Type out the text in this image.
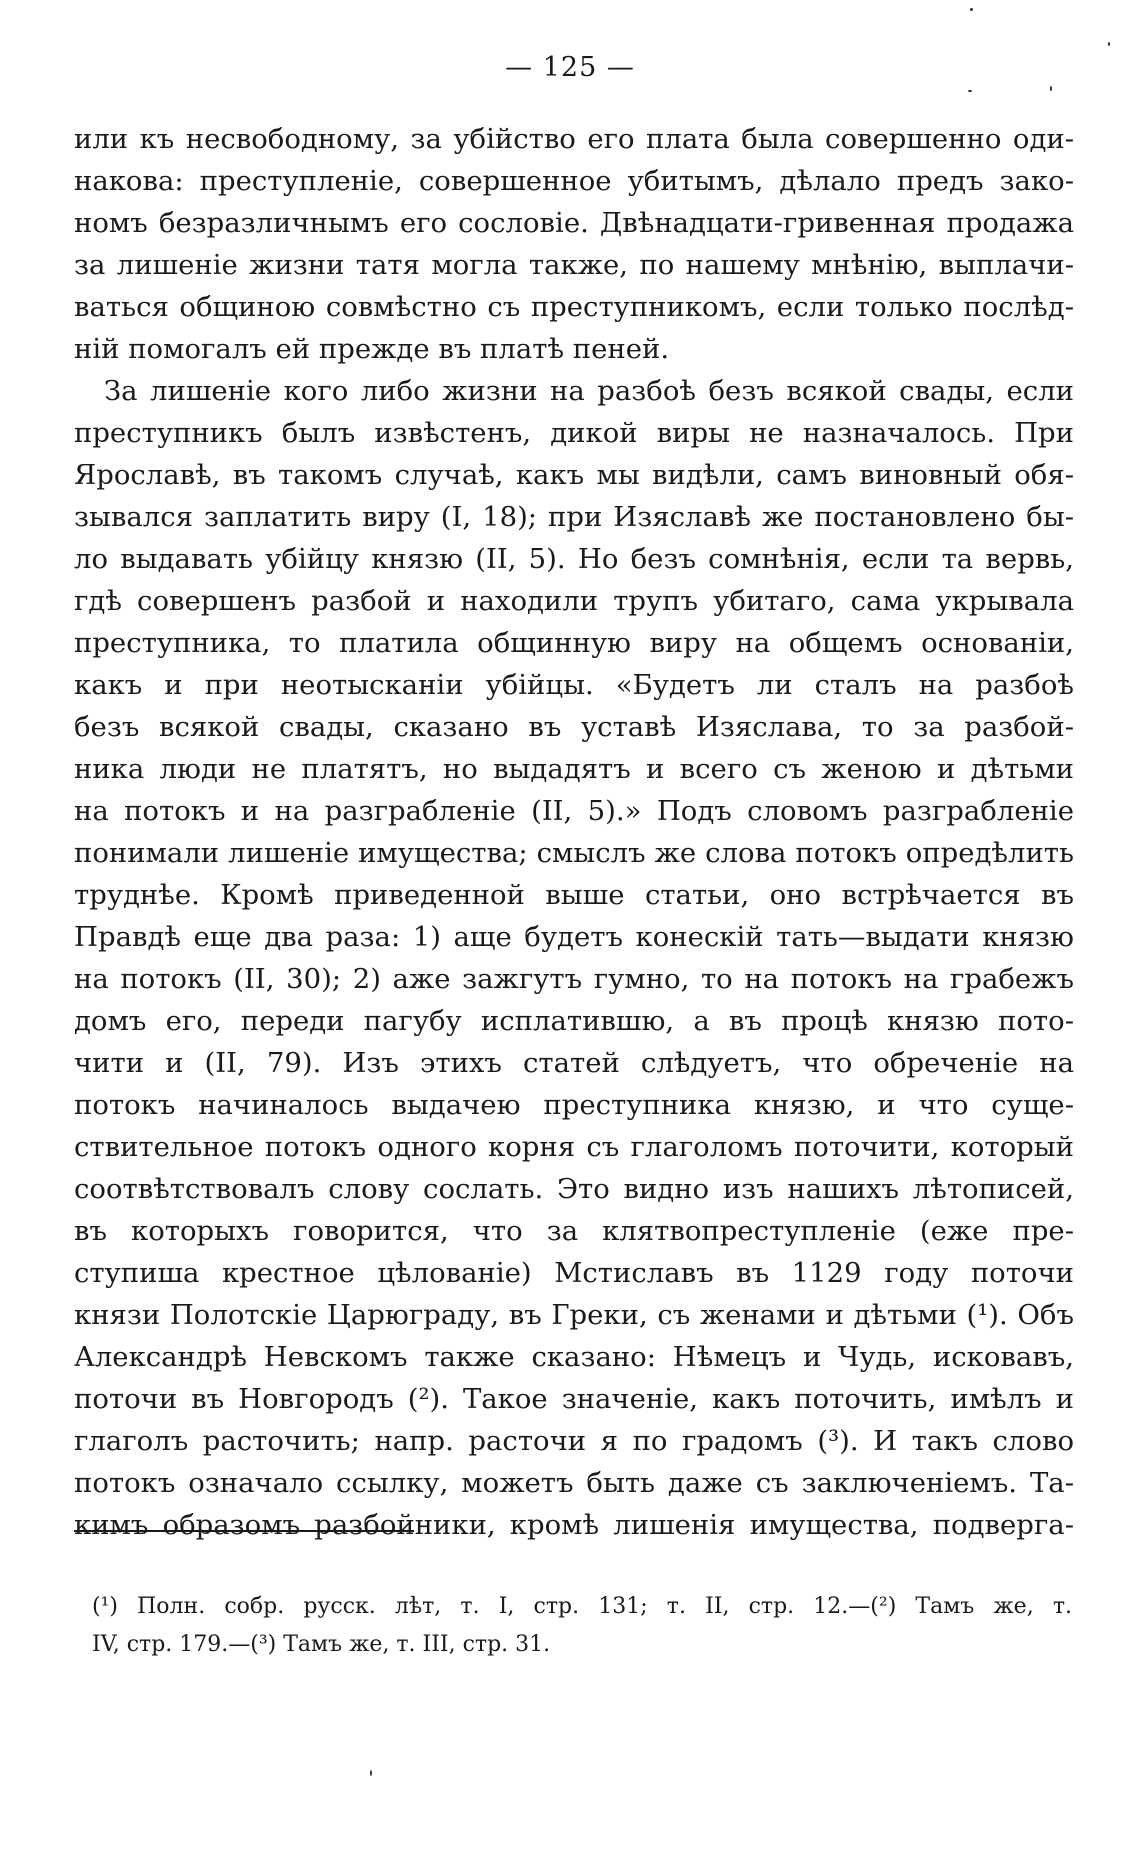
— 125 —
или къ несвободному, за убійство его плата была совершенно оди-
накова: преступленіе, совершенное убитымъ, дѣлало предъ зако-
номъ безразличнымъ его сословіе. Двѣнадцати-гривенная продажа
за лишеніе жизни татя могла также, по нашему мнѣнію, выплачи-
ваться общиною совмѣстно съ преступникомъ, если только послѣд-
ній помогалъ ей прежде въ платѣ пеней.
За лишеніе кого либо жизни на разбоѣ безъ всякой свады, если
преступникъ былъ извѣстенъ, дикой виры не назначалось. При
Ярославѣ, въ такомъ случаѣ, какъ мы видѣли, самъ виновный обя-
зывался заплатить виру (I, 18); при Изяславѣ же постановлено бы-
ло выдавать убійцу князю (II, 5). Но безъ сомнѣнія, если та вервь,
гдѣ совершенъ разбой и находили трупъ убитаго, сама укрывала
преступника, то платила общинную виру на общемъ основаніи,
какъ и при неотысканіи убійцы. «Будетъ ли сталъ на разбоѣ
безъ всякой свады, сказано въ уставѣ Изяслава, то за разбой-
ника люди не платятъ, но выдадятъ и всего съ женою и дѣтьми
на потокъ и на разграбленіе (II, 5).» Подъ словомъ разграбленіе
понимали лишеніе имущества; смыслъ же слова потокъ опредѣлить
труднѣе. Кромѣ приведенной выше статьи, оно встрѣчается въ
Правдѣ еще два раза: 1) аще будетъ конескій тать—выдати князю
на потокъ (II, 30); 2) аже зажгутъ гумно, то на потокъ на грабежъ
домъ его, переди пагубу исплатившю, а въ процѣ князю пото-
чити и (II, 79). Изъ этихъ статей слѣдуетъ, что обреченіе на
потокъ начиналось выдачею преступника князю, и что суще-
ствительное потокъ одного корня съ глаголомъ поточити, который
соотвѣтствовалъ слову сослать. Это видно изъ нашихъ лѣтописей,
въ которыхъ говорится, что за клятвопреступленіе (еже пре-
ступиша крестное цѣлованіе) Мстиславъ въ 1129 году поточи
князи Полотскіе Царюграду, въ Греки, съ женами и дѣтьми (¹). Объ
Александрѣ Невскомъ также сказано: Нѣмецъ и Чудь, исковавъ,
поточи въ Новгородъ (²). Такое значеніе, какъ поточить, имѣлъ и
глаголъ расточить; напр. расточи я по градомъ (³). И такъ слово
потокъ означало ссылку, можетъ быть даже съ заключеніемъ. Та-
кимъ образомъ разбойники, кромѣ лишенія имущества, подверга-
(¹) Полн. собр. русск. лѣт, т. I, стр. 131; т. II, стр. 12.—(²) Тамъ же, т.
IV, стр. 179.—(³) Тамъ же, т. III, стр. 31.
